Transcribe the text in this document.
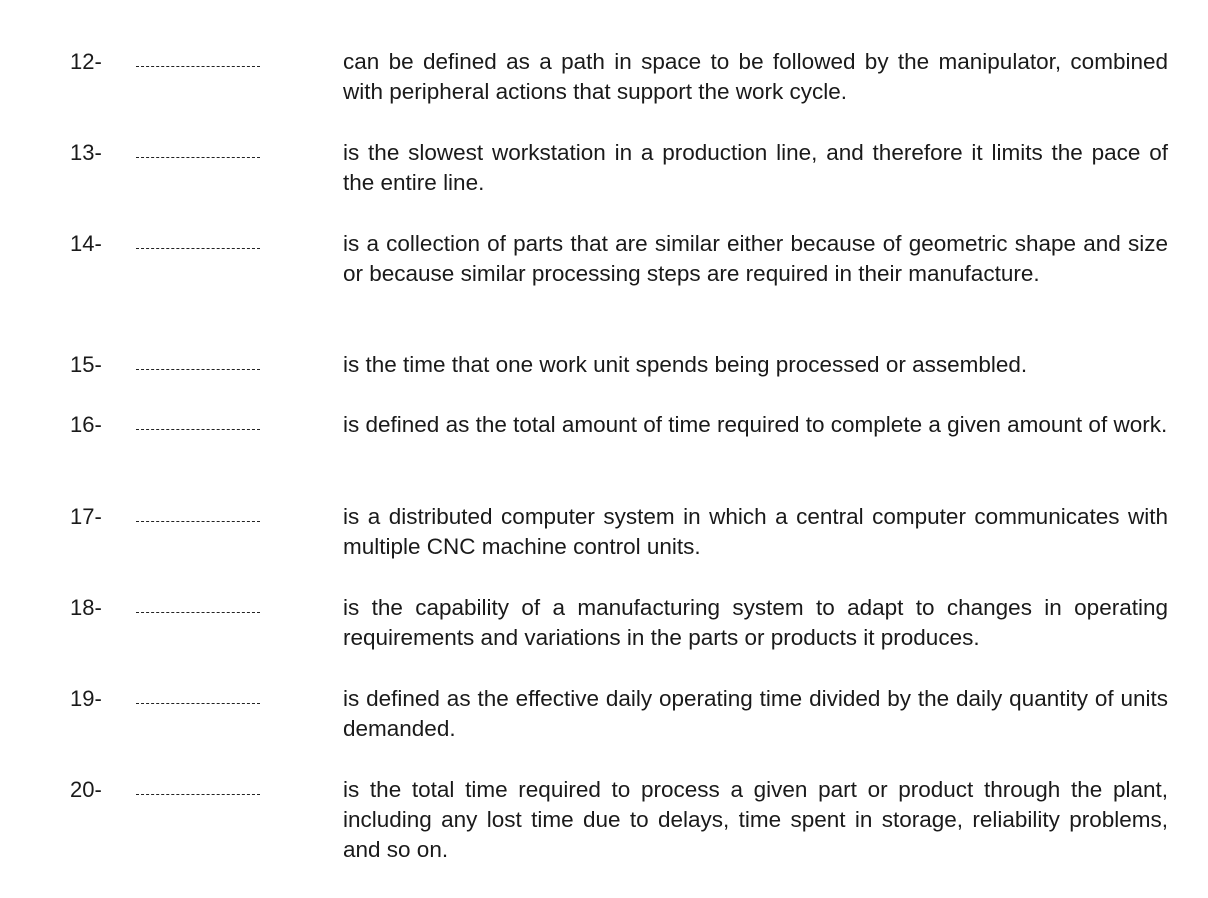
12-	can be defined as a path in space to be followed by the manipulator, combined with peripheral actions that support the work cycle.
13-	is the slowest workstation in a production line, and therefore it limits the pace of the entire line.
14-	is a collection of parts that are similar either because of geometric shape and size or because similar processing steps are required in their manufacture.
15-	is the time that one work unit spends being processed or assembled.
16-	is defined as the total amount of time required to complete a given amount of work.
17-	is a distributed computer system in which a central computer communicates with multiple CNC machine control units.
18-	is the capability of a manufacturing system to adapt to changes in operating requirements and variations in the parts or products it produces.
19-	is defined as the effective daily operating time divided by the daily quantity of units demanded.
20-	is the total time required to process a given part or product through the plant, including any lost time due to delays, time spent in storage, reliability problems, and so on.
